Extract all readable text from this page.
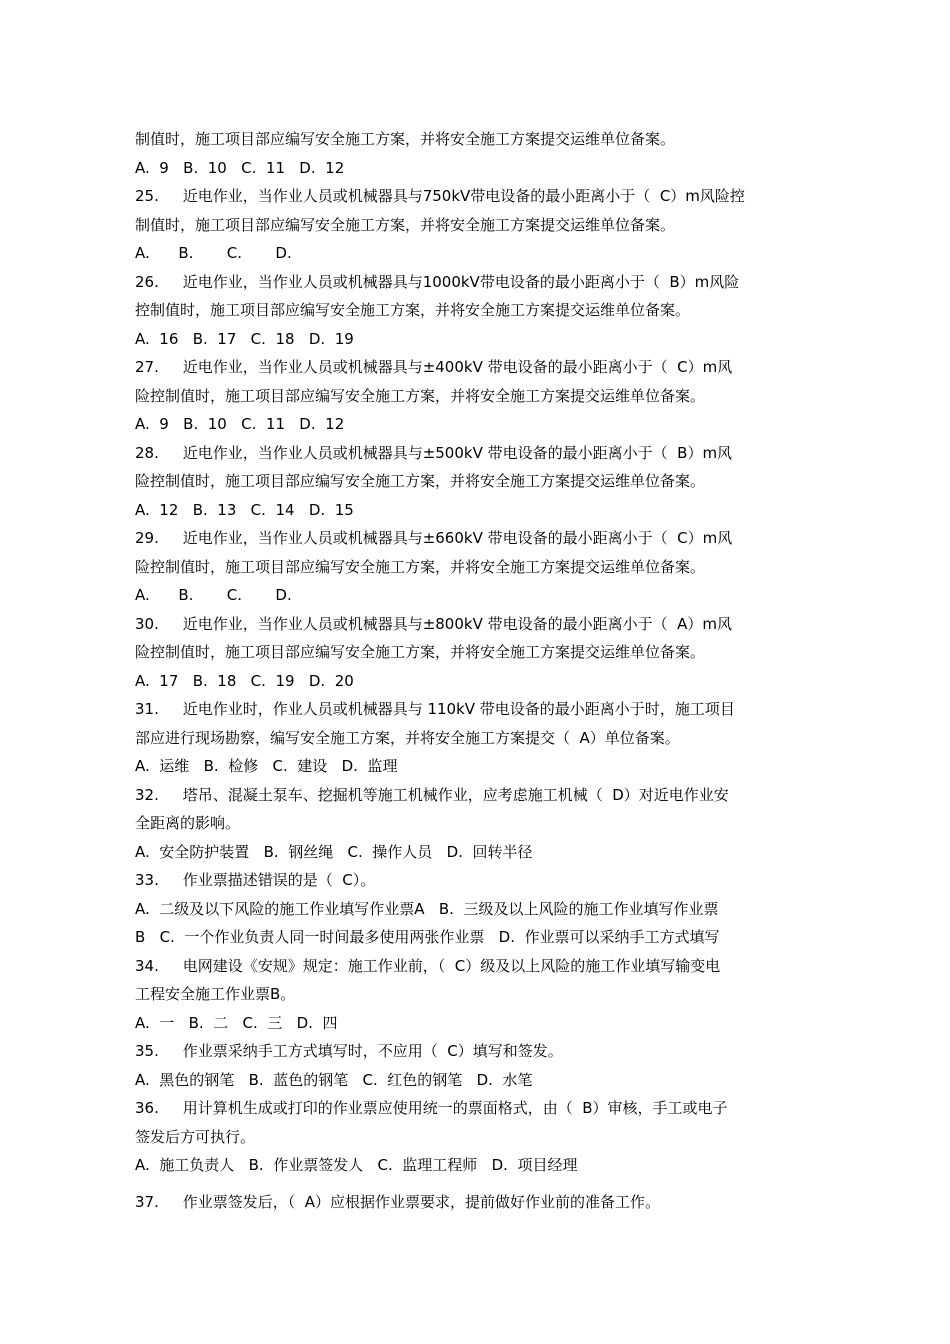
制值时，施工项目部应编写安全施工方案，并将安全施工方案提交运维单位备案。
A.  9   B.  10   C.  11   D.  12
25.     近电作业，当作业人员或机械器具与750kV带电设备的最小距离小于（  C）m风险控
制值时，施工项目部应编写安全施工方案，并将安全施工方案提交运维单位备案。
A.      B.       C.       D.
26.     近电作业，当作业人员或机械器具与1000kV带电设备的最小距离小于（  B）m风险
控制值时，施工项目部应编写安全施工方案，并将安全施工方案提交运维单位备案。
A.  16   B.  17   C.  18   D.  19
27.     近电作业，当作业人员或机械器具与±400kV 带电设备的最小距离小于（  C）m风
险控制值时，施工项目部应编写安全施工方案，并将安全施工方案提交运维单位备案。
A.  9   B.  10   C.  11   D.  12
28.     近电作业，当作业人员或机械器具与±500kV 带电设备的最小距离小于（  B）m风
险控制值时，施工项目部应编写安全施工方案，并将安全施工方案提交运维单位备案。
A.  12   B.  13   C.  14   D.  15
29.     近电作业，当作业人员或机械器具与±660kV 带电设备的最小距离小于（  C）m风
险控制值时，施工项目部应编写安全施工方案，并将安全施工方案提交运维单位备案。
A.      B.       C.       D.
30.     近电作业，当作业人员或机械器具与±800kV 带电设备的最小距离小于（  A）m风
险控制值时，施工项目部应编写安全施工方案，并将安全施工方案提交运维单位备案。
A.  17   B.  18   C.  19   D.  20
31.     近电作业时，作业人员或机械器具与 110kV 带电设备的最小距离小于时，施工项目
部应进行现场勘察，编写安全施工方案，并将安全施工方案提交（  A）单位备案。
A.  运维   B.  检修   C.  建设   D.  监理
32.     塔吊、混凝土泵车、挖掘机等施工机械作业，应考虑施工机械（  D）对近电作业安
全距离的影响。
A.  安全防护装置   B.  钢丝绳   C.  操作人员   D.  回转半径
33.     作业票描述错误的是（  C）。
A.  二级及以下风险的施工作业填写作业票A   B.  三级及以上风险的施工作业填写作业票
B   C.  一个作业负责人同一时间最多使用两张作业票   D.  作业票可以采纳手工方式填写
34.     电网建设《安规》规定：施工作业前，（  C）级及以上风险的施工作业填写输变电
工程安全施工作业票B。
A.  一   B.  二   C.  三   D.  四
35.     作业票采纳手工方式填写时，不应用（  C）填写和签发。
A.  黑色的钢笔   B.  蓝色的钢笔   C.  红色的钢笔   D.  水笔
36.     用计算机生成或打印的作业票应使用统一的票面格式，由（  B）审核，手工或电子
签发后方可执行。
A.  施工负责人   B.  作业票签发人   C.  监理工程师   D.  项目经理
37.     作业票签发后，（  A）应根据作业票要求，提前做好作业前的准备工作。
